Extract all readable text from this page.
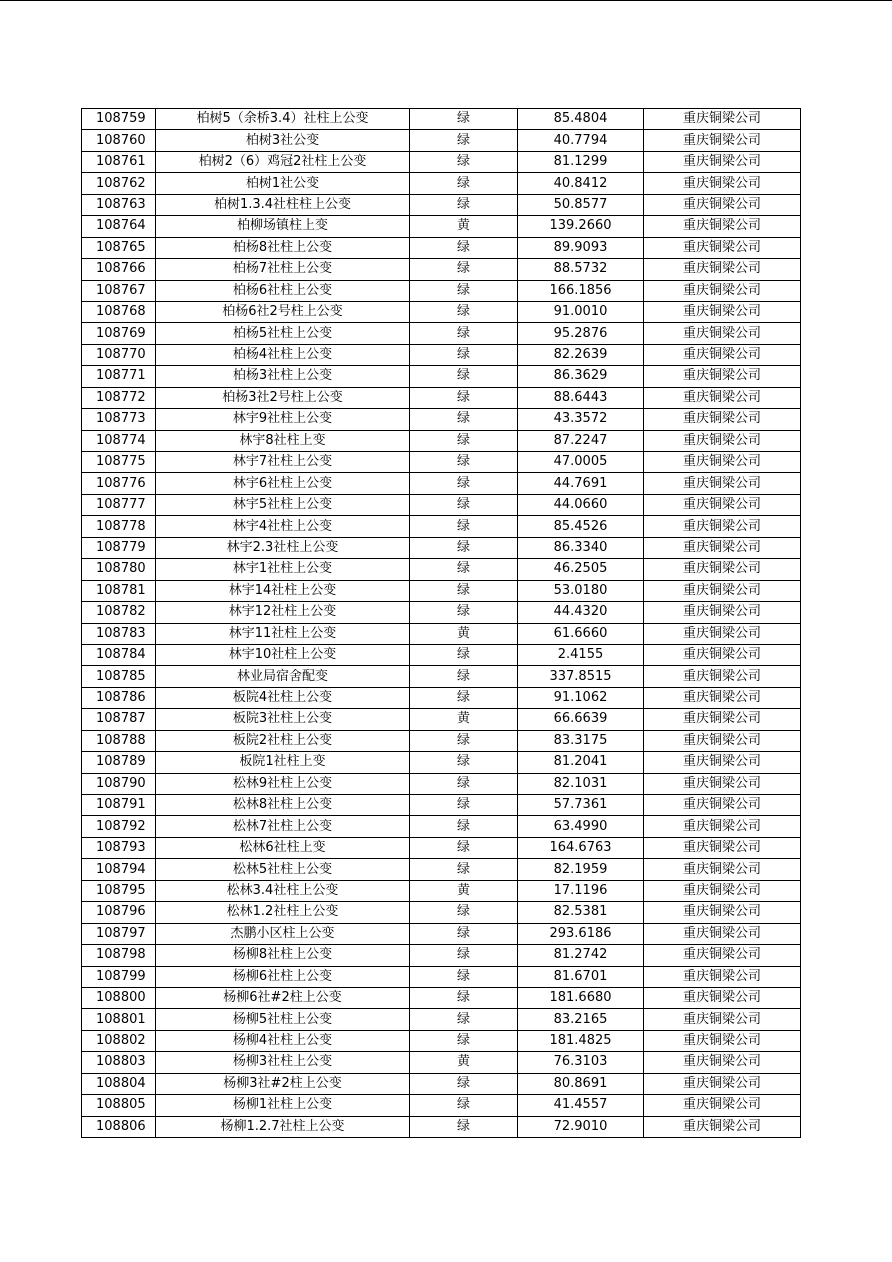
108759	柏树5（余桥3.4）社柱上公变	绿	85.4804	重庆铜梁公司
108760	柏树3社公变	绿	40.7794	重庆铜梁公司
108761	柏树2（6）鸡冠2社柱上公变	绿	81.1299	重庆铜梁公司
108762	柏树1社公变	绿	40.8412	重庆铜梁公司
108763	柏树1.3.4社柱柱上公变	绿	50.8577	重庆铜梁公司
108764	柏柳场镇柱上变	黄	139.2660	重庆铜梁公司
108765	柏杨8社柱上公变	绿	89.9093	重庆铜梁公司
108766	柏杨7社柱上公变	绿	88.5732	重庆铜梁公司
108767	柏杨6社柱上公变	绿	166.1856	重庆铜梁公司
108768	柏杨6社2号柱上公变	绿	91.0010	重庆铜梁公司
108769	柏杨5社柱上公变	绿	95.2876	重庆铜梁公司
108770	柏杨4社柱上公变	绿	82.2639	重庆铜梁公司
108771	柏杨3社柱上公变	绿	86.3629	重庆铜梁公司
108772	柏杨3社2号柱上公变	绿	88.6443	重庆铜梁公司
108773	林宇9社柱上公变	绿	43.3572	重庆铜梁公司
108774	林宇8社柱上变	绿	87.2247	重庆铜梁公司
108775	林宇7社柱上公变	绿	47.0005	重庆铜梁公司
108776	林宇6社柱上公变	绿	44.7691	重庆铜梁公司
108777	林宇5社柱上公变	绿	44.0660	重庆铜梁公司
108778	林宇4社柱上公变	绿	85.4526	重庆铜梁公司
108779	林宇2.3社柱上公变	绿	86.3340	重庆铜梁公司
108780	林宇1社柱上公变	绿	46.2505	重庆铜梁公司
108781	林宇14社柱上公变	绿	53.0180	重庆铜梁公司
108782	林宇12社柱上公变	绿	44.4320	重庆铜梁公司
108783	林宇11社柱上公变	黄	61.6660	重庆铜梁公司
108784	林宇10社柱上公变	绿	2.4155	重庆铜梁公司
108785	林业局宿舍配变	绿	337.8515	重庆铜梁公司
108786	板院4社柱上公变	绿	91.1062	重庆铜梁公司
108787	板院3社柱上公变	黄	66.6639	重庆铜梁公司
108788	板院2社柱上公变	绿	83.3175	重庆铜梁公司
108789	板院1社柱上变	绿	81.2041	重庆铜梁公司
108790	松林9社柱上公变	绿	82.1031	重庆铜梁公司
108791	松林8社柱上公变	绿	57.7361	重庆铜梁公司
108792	松林7社柱上公变	绿	63.4990	重庆铜梁公司
108793	松林6社柱上变	绿	164.6763	重庆铜梁公司
108794	松林5社柱上公变	绿	82.1959	重庆铜梁公司
108795	松林3.4社柱上公变	黄	17.1196	重庆铜梁公司
108796	松林1.2社柱上公变	绿	82.5381	重庆铜梁公司
108797	杰鹏小区柱上公变	绿	293.6186	重庆铜梁公司
108798	杨柳8社柱上公变	绿	81.2742	重庆铜梁公司
108799	杨柳6社柱上公变	绿	81.6701	重庆铜梁公司
108800	杨柳6社#2柱上公变	绿	181.6680	重庆铜梁公司
108801	杨柳5社柱上公变	绿	83.2165	重庆铜梁公司
108802	杨柳4社柱上公变	绿	181.4825	重庆铜梁公司
108803	杨柳3社柱上公变	黄	76.3103	重庆铜梁公司
108804	杨柳3社#2柱上公变	绿	80.8691	重庆铜梁公司
108805	杨柳1社柱上公变	绿	41.4557	重庆铜梁公司
108806	杨柳1.2.7社柱上公变	绿	72.9010	重庆铜梁公司
